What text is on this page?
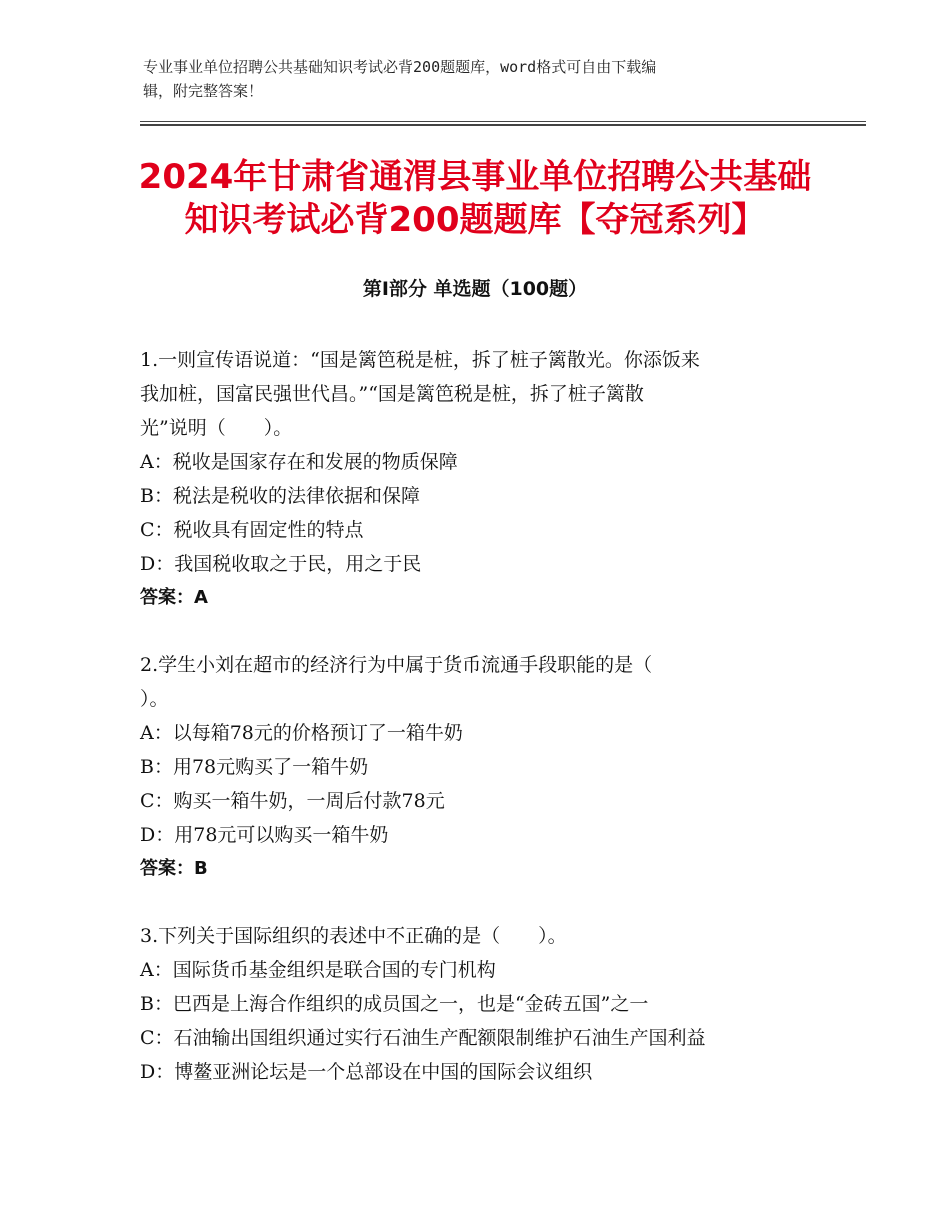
专业事业单位招聘公共基础知识考试必背200题题库，word格式可自由下载编
辑，附完整答案！
2024年甘肃省通渭县事业单位招聘公共基础
知识考试必背200题题库【夺冠系列】
第Ⅰ部分 单选题（100题）
1.一则宣传语说道：“国是篱笆税是桩，拆了桩子篱散光。你添饭来
我加桩，国富民强世代昌。”“国是篱笆税是桩，拆了桩子篱散
光”说明（　　）。
A：税收是国家存在和发展的物质保障
B：税法是税收的法律依据和保障
C：税收具有固定性的特点
D：我国税收取之于民，用之于民
答案：A
2.学生小刘在超市的经济行为中属于货币流通手段职能的是（
）。
A：以每箱78元的价格预订了一箱牛奶
B：用78元购买了一箱牛奶
C：购买一箱牛奶，一周后付款78元
D：用78元可以购买一箱牛奶
答案：B
3.下列关于国际组织的表述中不正确的是（　　）。
A：国际货币基金组织是联合国的专门机构
B：巴西是上海合作组织的成员国之一，也是“金砖五国”之一
C：石油输出国组织通过实行石油生产配额限制维护石油生产国利益
D：博鳌亚洲论坛是一个总部设在中国的国际会议组织
